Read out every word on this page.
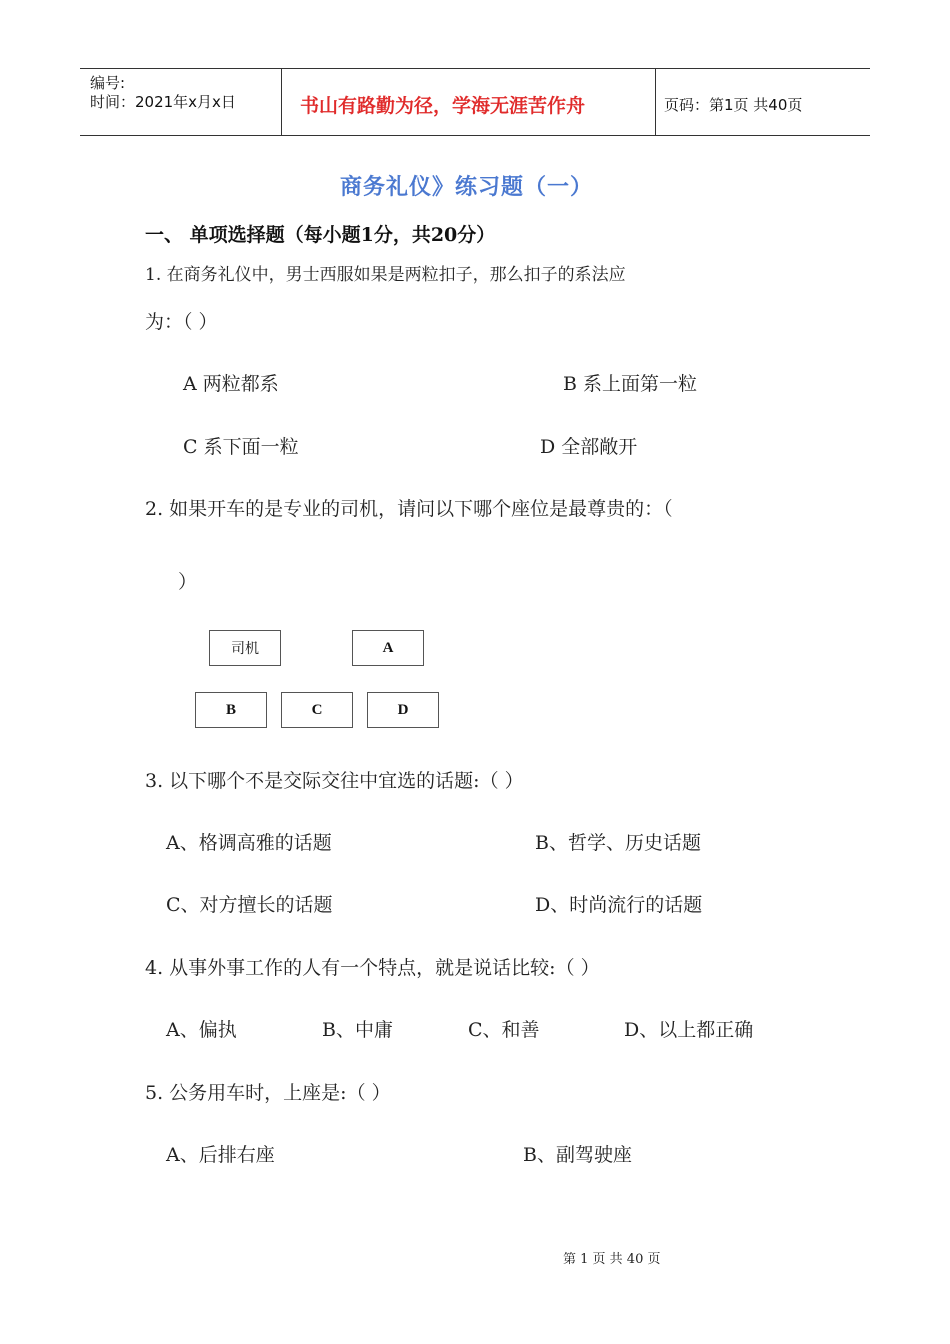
编号:
时间：2021年x月x日	书山有路勤为径，学海无涯苦作舟	页码：第1页 共40页
商务礼仪》练习题（一）
一、 单项选择题（每小题1分，共20分）
1. 在商务礼仪中，男士西服如果是两粒扣子，那么扣子的系法应
为：（ ）
A 两粒都系	B 系上面第一粒
C 系下面一粒	D 全部敞开
2. 如果开车的是专业的司机，请问以下哪个座位是最尊贵的：（
）
司机	A
B	C	D
3. 以下哪个不是交际交往中宜选的话题:（ ）
A、格调高雅的话题	B、哲学、历史话题
C、对方擅长的话题	D、时尚流行的话题
4. 从事外事工作的人有一个特点，就是说话比较:（ ）
A、偏执	B、中庸	C、和善	D、以上都正确
5. 公务用车时，上座是:（ ）
A、后排右座	B、副驾驶座
第 1 页 共 40 页
